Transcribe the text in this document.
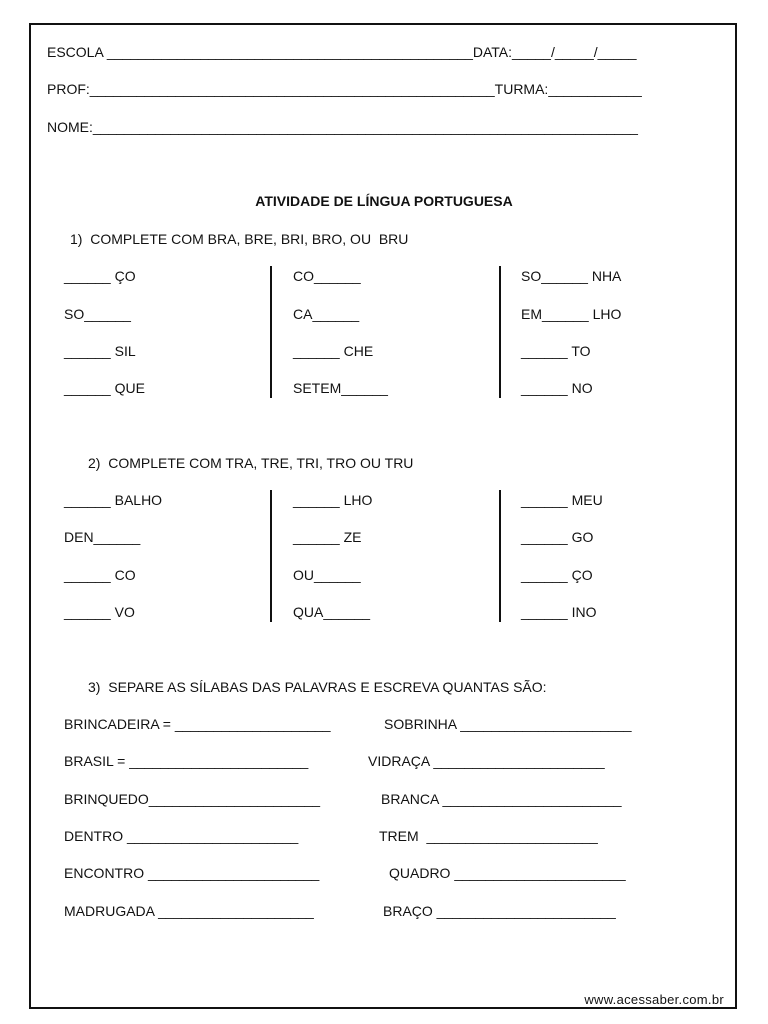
ESCOLA _______________________________________________DATA:_____/_____/_____
PROF:____________________________________________________TURMA:____________
NOME:______________________________________________________________________
ATIVIDADE DE LÍNGUA PORTUGUESA
1)  COMPLETE COM BRA, BRE, BRI, BRO, OU  BRU
______ ÇO
SO______
______ SIL
______ QUE
CO______
CA______
______ CHE
SETEM______
SO______ NHA
EM______ LHO
______ TO
______ NO
2)  COMPLETE COM TRA, TRE, TRI, TRO OU TRU
______ BALHO
DEN______
______ CO
______ VO
______ LHO
______ ZE
OU______
QUA______
______ MEU
______ GO
______ ÇO
______ INO
3)  SEPARE AS SÍLABAS DAS PALAVRAS E ESCREVA QUANTAS SÃO:
BRINCADEIRA = ____________________
BRASIL = _______________________
BRINQUEDO______________________
DENTRO ______________________
ENCONTRO ______________________
MADRUGADA ____________________
SOBRINHA ______________________
VIDRAÇA ______________________
BRANCA _______________________
TREM  ______________________
QUADRO ______________________
BRAÇO _______________________
www.acessaber.com.br
